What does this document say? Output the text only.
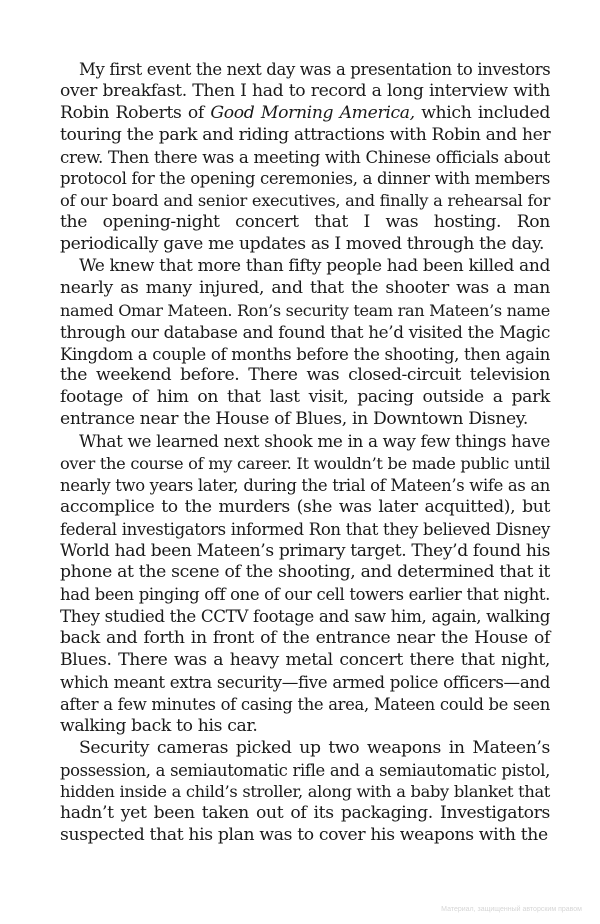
My first event the next day was a presentation to investors
over breakfast. Then I had to record a long interview with
Robin Roberts of Good Morning America, which included
touring the park and riding attractions with Robin and her
crew. Then there was a meeting with Chinese officials about
protocol for the opening ceremonies, a dinner with members
of our board and senior executives, and finally a rehearsal for
the opening-night concert that I was hosting. Ron
periodically gave me updates as I moved through the day.
We knew that more than fifty people had been killed and
nearly as many injured, and that the shooter was a man
named Omar Mateen. Ron’s security team ran Mateen’s name
through our database and found that he’d visited the Magic
Kingdom a couple of months before the shooting, then again
the weekend before. There was closed-circuit television
footage of him on that last visit, pacing outside a park
entrance near the House of Blues, in Downtown Disney.
What we learned next shook me in a way few things have
over the course of my career. It wouldn’t be made public until
nearly two years later, during the trial of Mateen’s wife as an
accomplice to the murders (she was later acquitted), but
federal investigators informed Ron that they believed Disney
World had been Mateen’s primary target. They’d found his
phone at the scene of the shooting, and determined that it
had been pinging off one of our cell towers earlier that night.
They studied the CCTV footage and saw him, again, walking
back and forth in front of the entrance near the House of
Blues. There was a heavy metal concert there that night,
which meant extra security—five armed police officers—and
after a few minutes of casing the area, Mateen could be seen
walking back to his car.
Security cameras picked up two weapons in Mateen’s
possession, a semiautomatic rifle and a semiautomatic pistol,
hidden inside a child’s stroller, along with a baby blanket that
hadn’t yet been taken out of its packaging. Investigators
suspected that his plan was to cover his weapons with the
Материал, защищенный авторским правом
